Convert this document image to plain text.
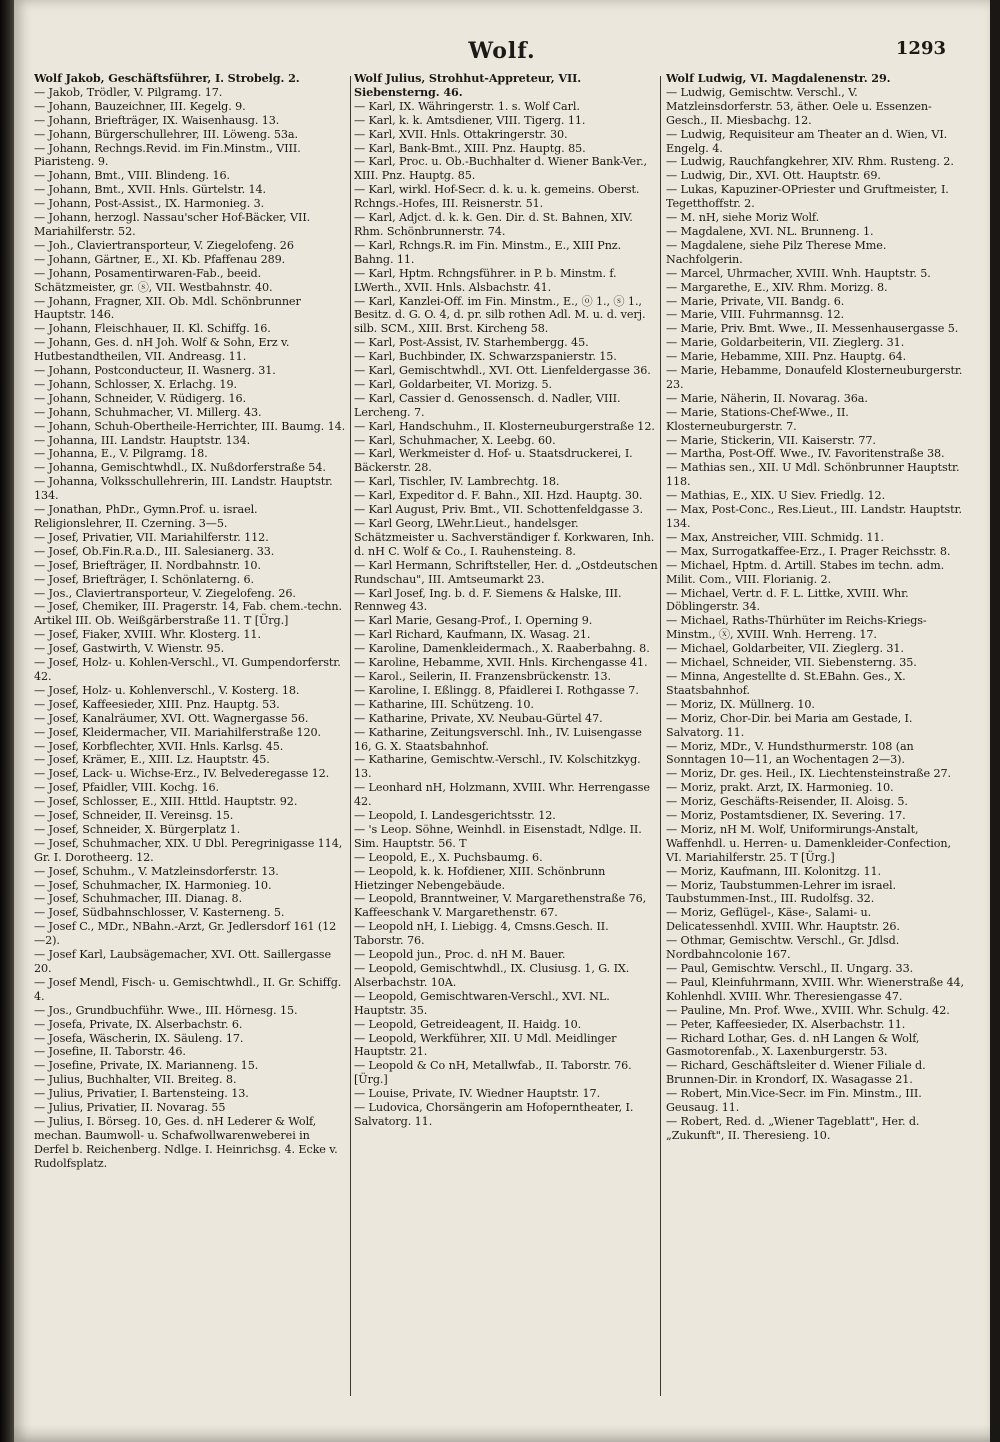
Wolf.	1293
Wolf Jakob, Geschäftsführer, I. Strobelg. 2.
— Jakob, Trödler, V. Pilgramg. 17.
— Johann, Bauzeichner, III. Kegelg. 9.
— Johann, Briefträger, IX. Waisenhausg. 13.
— Johann, Bürgerschullehrer, III. Löweng. 53a.
— Johann, Rechngs.Revid. im Fin.Minstm., VIII. Piaristeng. 9.
— Johann, Bmt., VIII. Blindeng. 16.
— Johann, Bmt., XVII. Hnls. Gürtelstr. 14.
— Johann, Post-Assist., IX. Harmonieg. 3.
— Johann, herzogl. Nassau'scher Hof-Bäcker, VII. Mariahilferstr. 52.
— Joh., Claviertransporteur, V. Ziegelofeng. 26
— Johann, Gärtner, E., XI. Kb. Pfaffenau 289.
— Johann, Posamentirwaren-Fab., beeid. Schätzmeister, gr. ⓢ, VII. Westbahnstr. 40.
— Johann, Fragner, XII. Ob. Mdl. Schönbrunner Hauptstr. 146.
— Johann, Fleischhauer, II. Kl. Schiffg. 16.
— Johann, Ges. d. nH Joh. Wolf & Sohn, Erz v. Hutbestandtheilen, VII. Andreasg. 11.
— Johann, Postconducteur, II. Wasnerg. 31.
— Johann, Schlosser, X. Erlachg. 19.
— Johann, Schneider, V. Rüdigerg. 16.
— Johann, Schuhmacher, VI. Millerg. 43.
— Johann, Schuh-Obertheile-Herrichter, III. Baumg. 14.
— Johanna, III. Landstr. Hauptstr. 134.
— Johanna, E., V. Pilgramg. 18.
— Johanna, Gemischtwhdl., IX. Nußdorferstraße 54.
— Johanna, Volksschullehrerin, III. Landstr. Hauptstr. 134.
— Jonathan, PhDr., Gymn.Prof. u. israel. Religionslehrer, II. Czerning. 3—5.
— Josef, Privatier, VII. Mariahilferstr. 112.
— Josef, Ob.Fin.R.a.D., III. Salesianerg. 33.
— Josef, Briefträger, II. Nordbahnstr. 10.
— Josef, Briefträger, I. Schönlaterng. 6.
— Jos., Claviertransporteur, V. Ziegelofeng. 26.
— Josef, Chemiker, III. Pragerstr. 14, Fab. chem.-techn. Artikel III. Ob. Weißgärberstraße 11. T [Ürg.]
— Josef, Fiaker, XVIII. Whr. Klosterg. 11.
— Josef, Gastwirth, V. Wienstr. 95.
— Josef, Holz- u. Kohlen-Verschl., VI. Gumpendorferstr. 42.
— Josef, Holz- u. Kohlenverschl., V. Kosterg. 18.
— Josef, Kaffeesieder, XIII. Pnz. Hauptg. 53.
— Josef, Kanalräumer, XVI. Ott. Wagnergasse 56.
— Josef, Kleidermacher, VII. Mariahilferstraße 120.
— Josef, Korbflechter, XVII. Hnls. Karlsg. 45.
— Josef, Krämer, E., XIII. Lz. Hauptstr. 45.
— Josef, Lack- u. Wichse-Erz., IV. Belvederegasse 12.
— Josef, Pfaidler, VIII. Kochg. 16.
— Josef, Schlosser, E., XIII. Httld. Hauptstr. 92.
— Josef, Schneider, II. Vereinsg. 15.
— Josef, Schneider, X. Bürgerplatz 1.
— Josef, Schuhmacher, XIX. U Dbl. Peregrinigasse 114, Gr. I. Dorotheerg. 12.
— Josef, Schuhm., V. Matzleinsdorferstr. 13.
— Josef, Schuhmacher, IX. Harmonieg. 10.
— Josef, Schuhmacher, III. Dianag. 8.
— Josef, Südbahnschlosser, V. Kasterneng. 5.
— Josef C., MDr., NBahn.-Arzt, Gr. Jedlersdorf 161 (12—2).
— Josef Karl, Laubsägemacher, XVI. Ott. Saillergasse 20.
— Josef Mendl, Fisch- u. Gemischtwhdl., II. Gr. Schiffg. 4.
— Jos., Grundbuchführ. Wwe., III. Hörnesg. 15.
— Josefa, Private, IX. Alserbachstr. 6.
— Josefa, Wäscherin, IX. Säuleng. 17.
— Josefine, II. Taborstr. 46.
— Josefine, Private, IX. Marianneng. 15.
— Julius, Buchhalter, VII. Breiteg. 8.
— Julius, Privatier, I. Bartensteing. 13.
— Julius, Privatier, II. Novarag. 55
— Julius, I. Börseg. 10, Ges. d. nH Lederer & Wolf, mechan. Baumwoll- u. Schafwollwarenweberei in Derfel b. Reichenberg. Ndlge. I. Heinrichsg. 4. Ecke v. Rudolfsplatz.
Wolf Julius, Strohhut-Appreteur, VII. Siebensterng. 46.
— Karl, IX. Währingerstr. 1. s. Wolf Carl.
— Karl, k. k. Amtsdiener, VIII. Tigerg. 11.
— Karl, XVII. Hnls. Ottakringerstr. 30.
— Karl, Bank-Bmt., XIII. Pnz. Hauptg. 85.
— Karl, Proc. u. Ob.-Buchhalter d. Wiener Bank-Ver., XIII. Pnz. Hauptg. 85.
— Karl, wirkl. Hof-Secr. d. k. u. k. gemeins. Oberst. Rchngs.-Hofes, III. Reisnerstr. 51.
— Karl, Adjct. d. k. k. Gen. Dir. d. St. Bahnen, XIV. Rhm. Schönbrunnerstr. 74.
— Karl, Rchngs.R. im Fin. Minstm., E., XIII Pnz. Bahng. 11.
— Karl, Hptm. Rchngsführer. in P. b. Minstm. f. LWerth., XVII. Hnls. Alsbachstr. 41.
— Karl, Kanzlei-Off. im Fin. Minstm., E., ⓞ 1., ⓢ 1., Besitz. d. G. O. 4, d. pr. silb rothen Adl. M. u. d. verj. silb. SCM., XIII. Brst. Kircheng 58.
— Karl, Post-Assist, IV. Starhembergg. 45.
— Karl, Buchbinder, IX. Schwarzspanierstr. 15.
— Karl, Gemischtwhdl., XVI. Ott. Lienfeldergasse 36.
— Karl, Goldarbeiter, VI. Morizg. 5.
— Karl, Cassier d. Genossensch. d. Nadler, VIII. Lercheng. 7.
— Karl, Handschuhm., II. Klosterneuburgerstraße 12.
— Karl, Schuhmacher, X. Leebg. 60.
— Karl, Werkmeister d. Hof- u. Staatsdruckerei, I. Bäckerstr. 28.
— Karl, Tischler, IV. Lambrechtg. 18.
— Karl, Expeditor d. F. Bahn., XII. Hzd. Hauptg. 30.
— Karl August, Priv. Bmt., VII. Schottenfeldgasse 3.
— Karl Georg, LWehr.Lieut., handelsger. Schätzmeister u. Sachverständiger f. Korkwaren, Inh. d. nH C. Wolf & Co., I. Rauhensteing. 8.
— Karl Hermann, Schriftsteller, Her. d. „Ostdeutschen Rundschau", III. Amtseumarkt 23.
— Karl Josef, Ing. b. d. F. Siemens & Halske, III. Rennweg 43.
— Karl Marie, Gesang-Prof., I. Operning 9.
— Karl Richard, Kaufmann, IX. Wasag. 21.
— Karoline, Damenkleidermach., X. Raaberbahng. 8.
— Karoline, Hebamme, XVII. Hnls. Kirchengasse 41.
— Karol., Seilerin, II. Franzensbrückenstr. 13.
— Karoline, I. Eßlingg. 8, Pfaidlerei I. Rothgasse 7.
— Katharine, III. Schützeng. 10.
— Katharine, Private, XV. Neubau-Gürtel 47.
— Katharine, Zeitungsverschl. Inh., IV. Luisengasse 16, G. X. Staatsbahnhof.
— Katharine, Gemischtw.-Verschl., IV. Kolschitzkyg. 13.
— Leonhard nH, Holzmann, XVIII. Whr. Herrengasse 42.
— Leopold, I. Landesgerichtsstr. 12.
— 's Leop. Söhne, Weinhdl. in Eisenstadt, Ndlge. II. Sim. Hauptstr. 56. T
— Leopold, E., X. Puchsbaumg. 6.
— Leopold, k. k. Hofdiener, XIII. Schönbrunn Hietzinger Nebengebäude.
— Leopold, Branntweiner, V. Margarethenstraße 76, Kaffeeschank V. Margarethenstr. 67.
— Leopold nH, I. Liebigg. 4, Cmsns.Gesch. II. Taborstr. 76.
— Leopold jun., Proc. d. nH M. Bauer.
— Leopold, Gemischtwhdl., IX. Clusiusg. 1, G. IX. Alserbachstr. 10A.
— Leopold, Gemischtwaren-Verschl., XVI. NL. Hauptstr. 35.
— Leopold, Getreideagent, II. Haidg. 10.
— Leopold, Werkführer, XII. U Mdl. Meidlinger Hauptstr. 21.
— Leopold & Co nH, Metallwfab., II. Taborstr. 76. [Ürg.]
— Louise, Private, IV. Wiedner Hauptstr. 17.
— Ludovica, Chorsängerin am Hofoperntheater, I. Salvatorg. 11.
Wolf Ludwig, VI. Magdalenenstr. 29.
— Ludwig, Gemischtw. Verschl., V. Matzleinsdorferstr. 53, äther. Oele u. Essenzen-Gesch., II. Miesbachg. 12.
— Ludwig, Requisiteur am Theater an d. Wien, VI. Engelg. 4.
— Ludwig, Rauchfangkehrer, XIV. Rhm. Rusteng. 2.
— Ludwig, Dir., XVI. Ott. Hauptstr. 69.
— Lukas, Kapuziner-OPriester und Gruftmeister, I. Tegetthoffstr. 2.
— M. nH, siehe Moriz Wolf.
— Magdalene, XVI. NL. Brunneng. 1.
— Magdalene, siehe Pilz Therese Mme. Nachfolgerin.
— Marcel, Uhrmacher, XVIII. Wnh. Hauptstr. 5.
— Margarethe, E., XIV. Rhm. Morizg. 8.
— Marie, Private, VII. Bandg. 6.
— Marie, VIII. Fuhrmannsg. 12.
— Marie, Priv. Bmt. Wwe., II. Messenhausergasse 5.
— Marie, Goldarbeiterin, VII. Zieglerg. 31.
— Marie, Hebamme, XIII. Pnz. Hauptg. 64.
— Marie, Hebamme, Donaufeld Klosterneuburgerstr. 23.
— Marie, Näherin, II. Novarag. 36a.
— Marie, Stations-Chef-Wwe., II. Klosterneuburgerstr. 7.
— Marie, Stickerin, VII. Kaiserstr. 77.
— Martha, Post-Off. Wwe., IV. Favoritenstraße 38.
— Mathias sen., XII. U Mdl. Schönbrunner Hauptstr. 118.
— Mathias, E., XIX. U Siev. Friedlg. 12.
— Max, Post-Conc., Res.Lieut., III. Landstr. Hauptstr. 134.
— Max, Anstreicher, VIII. Schmidg. 11.
— Max, Surrogatkaffee-Erz., I. Prager Reichsstr. 8.
— Michael, Hptm. d. Artill. Stabes im techn. adm. Milit. Com., VIII. Florianig. 2.
— Michael, Vertr. d. F. L. Littke, XVIII. Whr. Döblingerstr. 34.
— Michael, Raths-Thürhüter im Reichs-Kriegs-Minstm., ⓧ, XVIII. Wnh. Herreng. 17.
— Michael, Goldarbeiter, VII. Zieglerg. 31.
— Michael, Schneider, VII. Siebensterng. 35.
— Minna, Angestellte d. St.EBahn. Ges., X. Staatsbahnhof.
— Moriz, IX. Müllnerg. 10.
— Moriz, Chor-Dir. bei Maria am Gestade, I. Salvatorg. 11.
— Moriz, MDr., V. Hundsthurmerstr. 108 (an Sonntagen 10—11, an Wochentagen 2—3).
— Moriz, Dr. ges. Heil., IX. Liechtensteinstraße 27.
— Moriz, prakt. Arzt, IX. Harmonieg. 10.
— Moriz, Geschäfts-Reisender, II. Aloisg. 5.
— Moriz, Postamtsdiener, IX. Severing. 17.
— Moriz, nH M. Wolf, Uniformirungs-Anstalt, Waffenhdl. u. Herren- u. Damenkleider-Confection, VI. Mariahilferstr. 25. T [Ürg.]
— Moriz, Kaufmann, III. Kolonitzg. 11.
— Moriz, Taubstummen-Lehrer im israel. Taubstummen-Inst., III. Rudolfsg. 32.
— Moriz, Geflügel-, Käse-, Salami- u. Delicatessenhdl. XVIII. Whr. Hauptstr. 26.
— Othmar, Gemischtw. Verschl., Gr. Jdlsd. Nordbahncolonie 167.
— Paul, Gemischtw. Verschl., II. Ungarg. 33.
— Paul, Kleinfuhrmann, XVIII. Whr. Wienerstraße 44, Kohlenhdl. XVIII. Whr. Theresiengasse 47.
— Pauline, Mn. Prof. Wwe., XVIII. Whr. Schulg. 42.
— Peter, Kaffeesieder, IX. Alserbachstr. 11.
— Richard Lothar, Ges. d. nH Langen & Wolf, Gasmotorenfab., X. Laxenburgerstr. 53.
— Richard, Geschäftsleiter d. Wiener Filiale d. Brunnen-Dir. in Krondorf, IX. Wasagasse 21.
— Robert, Min.Vice-Secr. im Fin. Minstm., III. Geusaug. 11.
— Robert, Red. d. „Wiener Tageblatt", Her. d. „Zukunft", II. Theresieng. 10.
